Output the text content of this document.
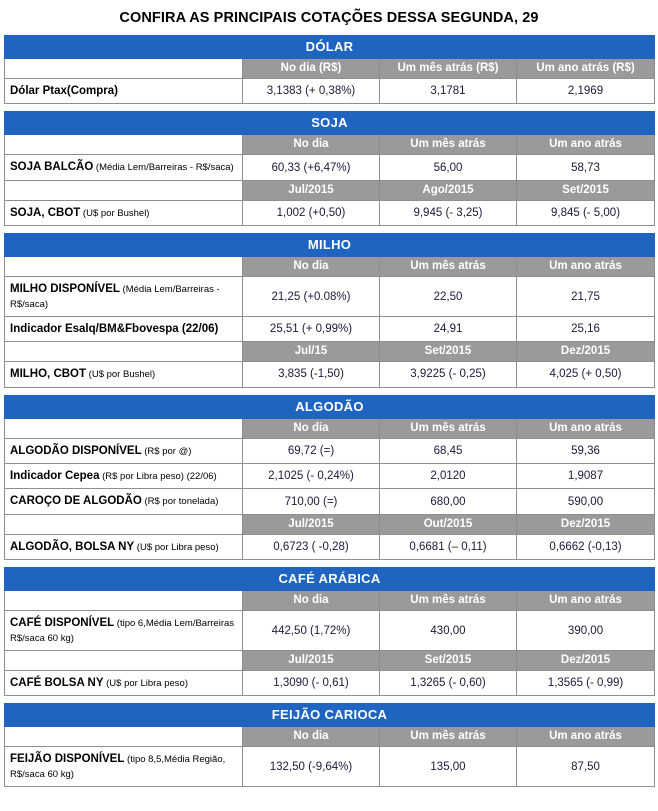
CONFIRA AS PRINCIPAIS COTAÇÕES DESSA SEGUNDA, 29
DÓLAR			
	No dia (R$)	Um mês atrás (R$)	Um ano atrás (R$)
Dólar Ptax(Compra)	3,1383 (+ 0,38%)	3,1781	2,1969

SOJA			
	No dia	Um mês atrás	Um ano atrás
SOJA BALCÃO (Média Lem/Barreiras - R$/saca)	60,33 (+6,47%)	56,00	58,73
	Jul/2015	Ago/2015	Set/2015
SOJA, CBOT (U$ por Bushel)	1,002 (+0,50)	9,945 (- 3,25)	9,845 (- 5,00)

MILHO			
	No dia	Um mês atrás	Um ano atrás
MILHO DISPONÍVEL (Média Lem/Barreiras - R$/saca)	21,25 (+0.08%)	22,50	21,75
Indicador Esalq/BM&Fbovespa (22/06)	25,51 (+ 0,99%)	24,91	25,16
	Jul/15	Set/2015	Dez/2015
MILHO, CBOT (U$ por Bushel)	3,835 (-1,50)	3,9225 (- 0,25)	4,025 (+ 0,50)

ALGODÃO			
	No dia	Um mês atrás	Um ano atrás
ALGODÃO DISPONÍVEL (R$ por @)	69,72 (=)	68,45	59,36
Indicador Cepea (R$ por Libra peso) (22/06)	2,1025 (- 0,24%)	2,0120	1,9087
CAROÇO DE ALGODÃO (R$ por tonelada)	710,00 (=)	680,00	590,00
	Jul/2015	Out/2015	Dez/2015
ALGODÃO, BOLSA NY (U$ por Libra peso)	0,6723 ( -0,28)	0,6681 (– 0,11)	0,6662 (-0,13)

CAFÉ ARÁBICA			
	No dia	Um mês atrás	Um ano atrás
CAFÉ DISPONÍVEL (tipo 6,Média Lem/Barreiras R$/saca 60 kg)	442,50 (1,72%)	430,00	390,00
	Jul/2015	Set/2015	Dez/2015
CAFÉ BOLSA NY (U$ por Libra peso)	1,3090 (- 0,61)	1,3265 (- 0,60)	1,3565 (- 0,99)

FEIJÃO CARIOCA			
	No dia	Um mês atrás	Um ano atrás
FEIJÃO DISPONÍVEL (tipo 8,5,Média Região, R$/saca 60 kg)	132,50 (-9,64%)	135,00	87,50
